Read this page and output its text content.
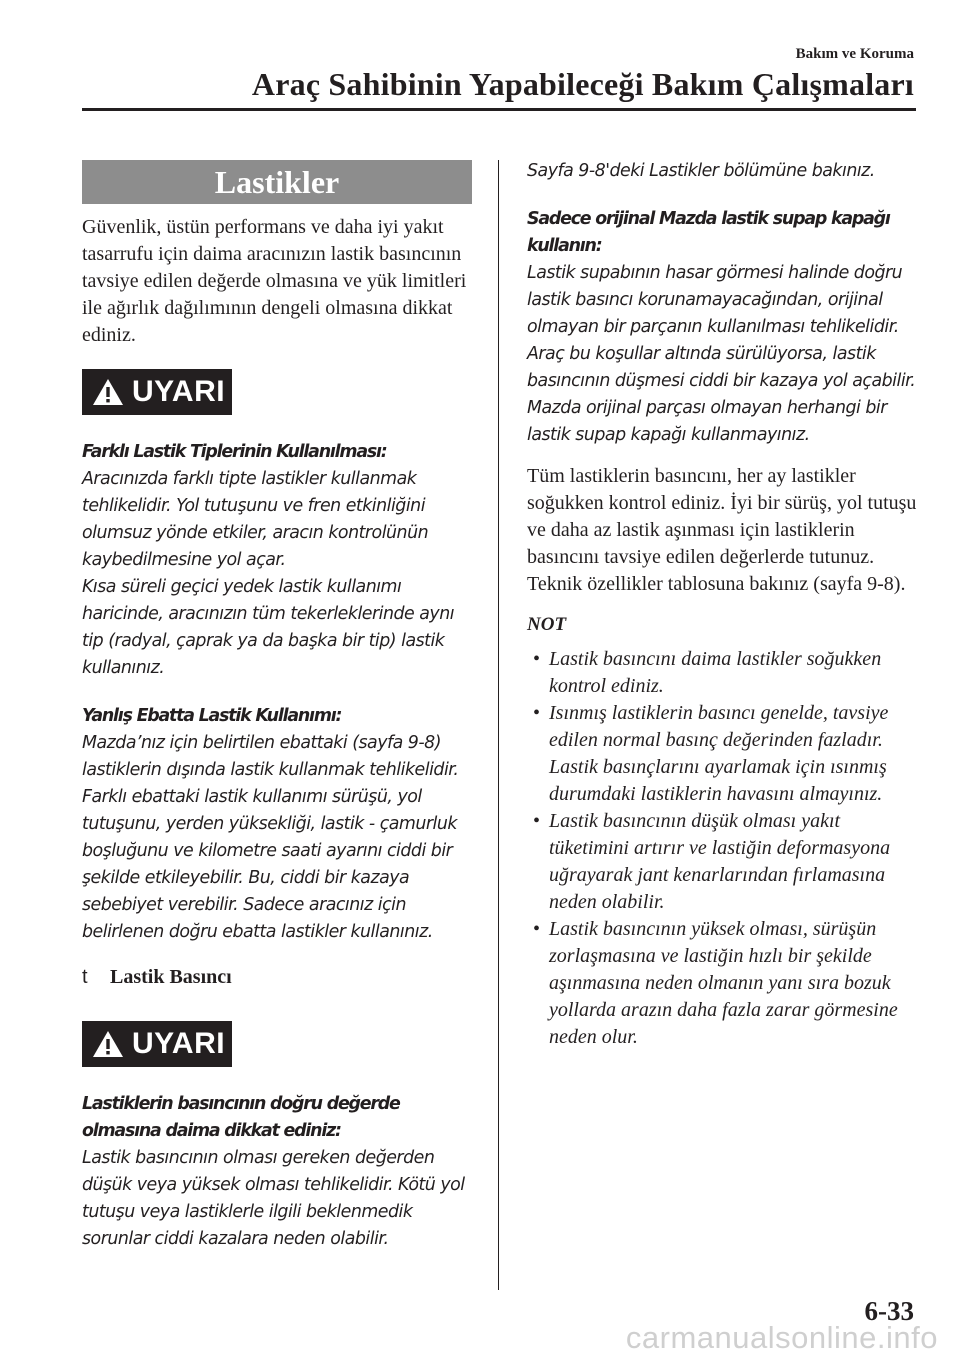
Bakım ve Koruma
Araç Sahibinin Yapabileceği Bakım Çalışmaları
Lastikler

Güvenlik, üstün performans ve daha iyi yakıt tasarrufu için daima aracınızın lastik basıncının tavsiye edilen değerde olmasına ve yük limitleri ile ağırlık dağılımının dengeli olmasına dikkat ediniz.

UYARI
Farklı Lastik Tiplerinin Kullanılması:
Aracınızda farklı tipte lastikler kullanmak tehlikelidir. Yol tutuşunu ve fren etkinliğini olumsuz yönde etkiler, aracın kontrolünün kaybedilmesine yol açar.
Kısa süreli geçici yedek lastik kullanımı haricinde, aracınızın tüm tekerleklerinde aynı tip (radyal, çaprak ya da başka bir tip) lastik kullanınız.
Yanlış Ebatta Lastik Kullanımı:
Mazda’nız için belirtilen ebattaki (sayfa 9-8) lastiklerin dışında lastik kullanmak tehlikelidir. Farklı ebattaki lastik kullanımı sürüşü, yol tutuşunu, yerden yüksekliği, lastik - çamurluk boşluğunu ve kilometre saati ayarını ciddi bir şekilde etkileyebilir. Bu, ciddi bir kazaya sebebiyet verebilir. Sadece aracınız için belirlenen doğru ebatta lastikler kullanınız.
t	Lastik Basıncı
UYARI
Lastiklerin basıncının doğru değerde olmasına daima dikkat ediniz:
Lastik basıncının olması gereken değerden düşük veya yüksek olması tehlikelidir. Kötü yol tutuşu veya lastiklerle ilgili beklenmedik sorunlar ciddi kazalara neden olabilir.
Sayfa 9-8'deki Lastikler bölümüne bakınız.
Sadece orijinal Mazda lastik supap kapağı kullanın:
Lastik supabının hasar görmesi halinde doğru lastik basıncı korunamayacağından, orijinal olmayan bir parçanın kullanılması tehlikelidir. Araç bu koşullar altında sürülüyorsa, lastik basıncının düşmesi ciddi bir kazaya yol açabilir. Mazda orijinal parçası olmayan herhangi bir lastik supap kapağı kullanmayınız.

Tüm lastiklerin basıncını, her ay lastikler soğukken kontrol ediniz. İyi bir sürüş, yol tutuşu ve daha az lastik aşınması için lastiklerin basıncını tavsiye edilen değerlerde tutunuz.

Teknik özellikler tablosuna bakınız (sayfa 9-8).

NOT
• Lastik basıncını daima lastikler soğukken kontrol ediniz.
• Isınmış lastiklerin basıncı genelde, tavsiye edilen normal basınç değerinden fazladır. Lastik basınçlarını ayarlamak için ısınmış durumdaki lastiklerin havasını almayınız.
• Lastik basıncının düşük olması yakıt tüketimini artırır ve lastiğin deformasyona uğrayarak jant kenarlarından fırlamasına neden olabilir.
• Lastik basıncının yüksek olması, sürüşün zorlaşmasına ve lastiğin hızlı bir şekilde aşınmasına neden olmanın yanı sıra bozuk yollarda arazın daha fazla zarar görmesine neden olur.
6-33
carmanualsonline.info
